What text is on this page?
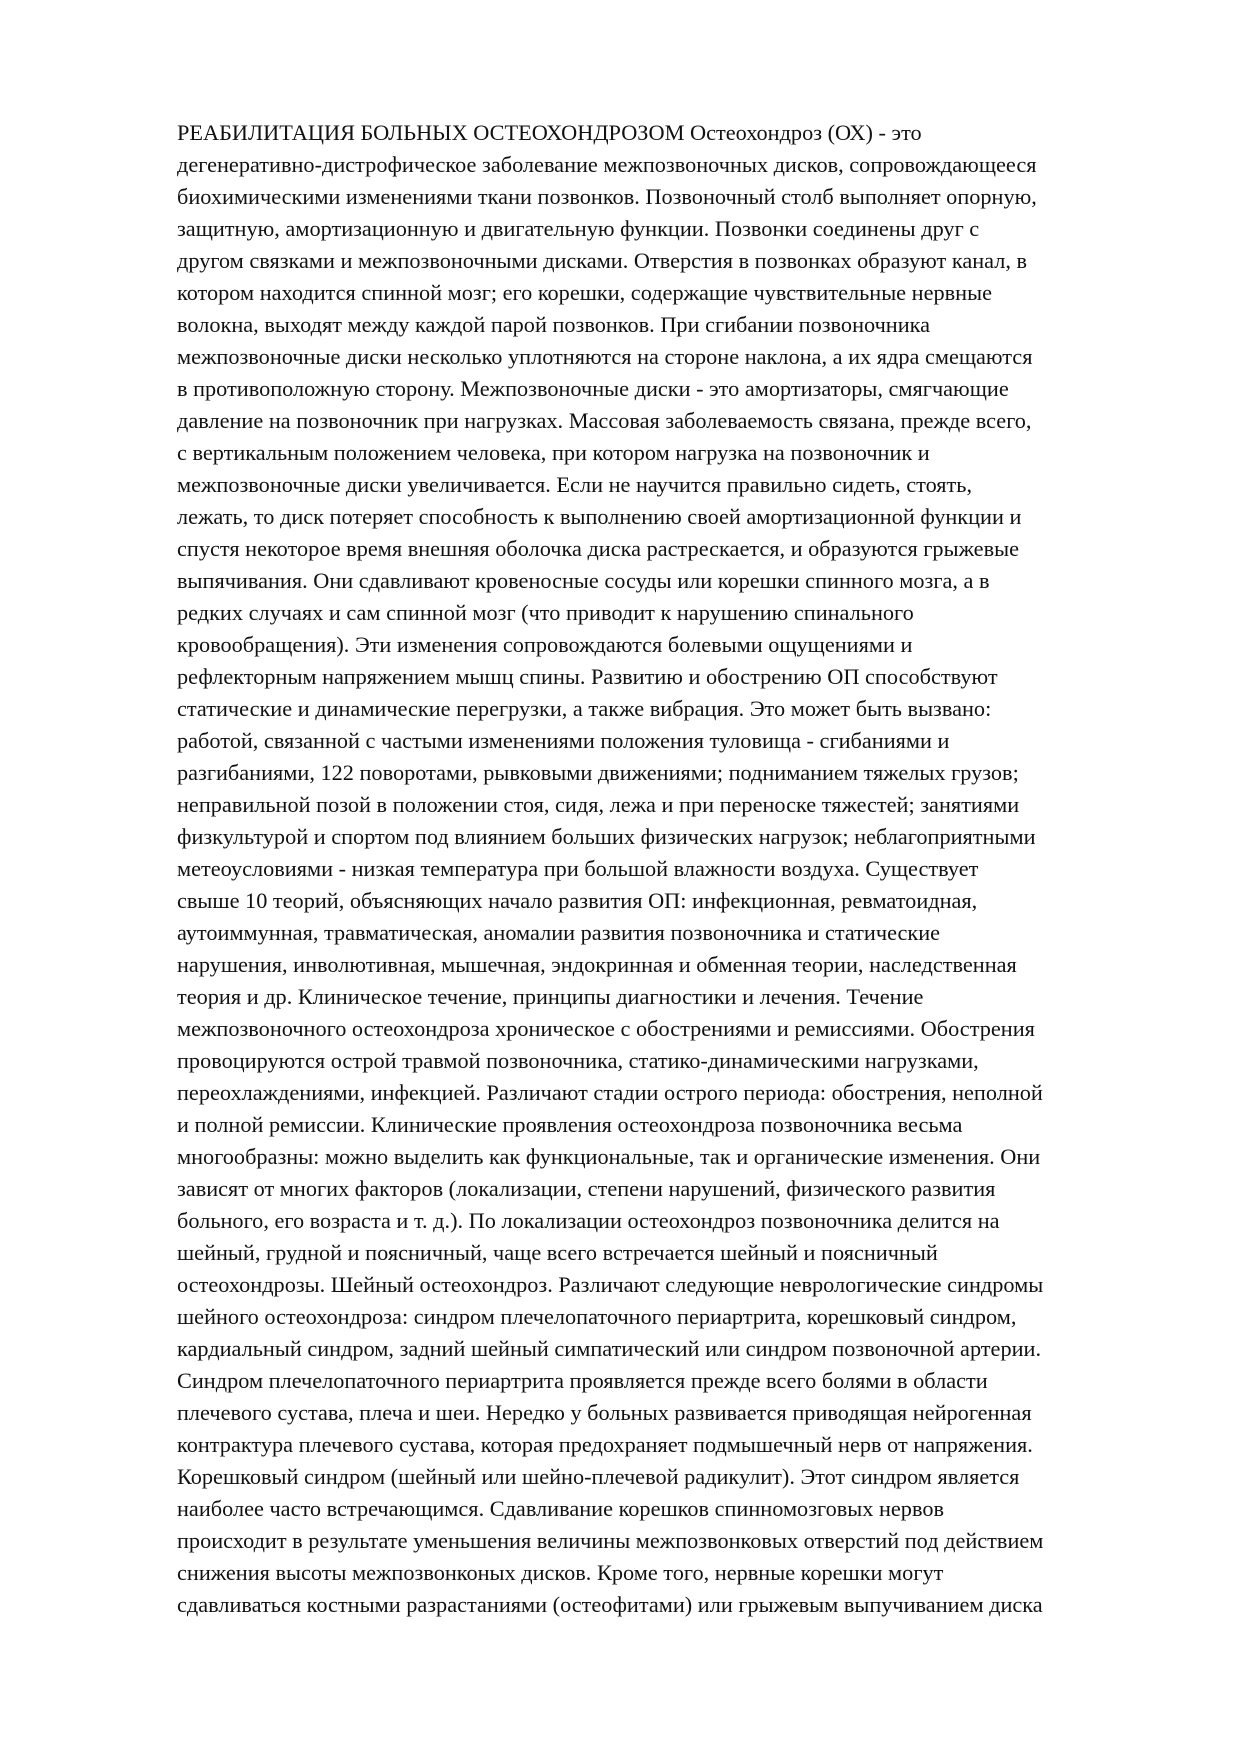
РЕАБИЛИТАЦИЯ БОЛЬНЫХ ОСТЕОХОНДРОЗОМ Остеохондроз (ОХ) - это
дегенеративно-дистрофическое заболевание межпозвоночных дисков, сопровождающееся
биохимическими изменениями ткани позвонков. Позвоночный столб выполняет опорную,
защитную, амортизационную и двигательную функции. Позвонки соединены друг с
другом связками и межпозвоночными дисками. Отверстия в позвонках образуют канал, в
котором находится спинной мозг; его корешки, содержащие чувствительные нервные
волокна, выходят между каждой парой позвонков. При сгибании позвоночника
межпозвоночные диски несколько уплотняются на стороне наклона, а их ядра смещаются
в противоположную сторону. Межпозвоночные диски - это амортизаторы, смягчающие
давление на позвоночник при нагрузках. Массовая заболеваемость связана, прежде всего,
с вертикальным положением человека, при котором нагрузка на позвоночник и
межпозвоночные диски увеличивается. Если не научится правильно сидеть, стоять,
лежать, то диск потеряет способность к выполнению своей амортизационной функции и
спустя некоторое время внешняя оболочка диска растрескается, и образуются грыжевые
выпячивания. Они сдавливают кровеносные сосуды или корешки спинного мозга, а в
редких случаях и сам спинной мозг (что приводит к нарушению спинального
кровообращения). Эти изменения сопровождаются болевыми ощущениями и
рефлекторным напряжением мышц спины. Развитию и обострению ОП способствуют
статические и динамические перегрузки, а также вибрация. Это может быть вызвано:
работой, связанной с частыми изменениями положения туловища - сгибаниями и
разгибаниями, 122 поворотами, рывковыми движениями; подниманием тяжелых грузов;
неправильной позой в положении стоя, сидя, лежа и при переноске тяжестей; занятиями
физкультурой и спортом под влиянием больших физических нагрузок; неблагоприятными
метеоусловиями - низкая температура при большой влажности воздуха. Существует
свыше 10 теорий, объясняющих начало развития ОП: инфекционная, ревматоидная,
аутоиммунная, травматическая, аномалии развития позвоночника и статические
нарушения, инволютивная, мышечная, эндокринная и обменная теории, наследственная
теория и др. Клиническое течение, принципы диагностики и лечения. Течение
межпозвоночного остеохондроза хроническое с обострениями и ремиссиями. Обострения
провоцируются острой травмой позвоночника, статико-динамическими нагрузками,
переохлаждениями, инфекцией. Различают стадии острого периода: обострения, неполной
и полной ремиссии. Клинические проявления остеохондроза позвоночника весьма
многообразны: можно выделить как функциональные, так и органические изменения. Они
зависят от многих факторов (локализации, степени нарушений, физического развития
больного, его возраста и т. д.). По локализации остеохондроз позвоночника делится на
шейный, грудной и поясничный, чаще всего встречается шейный и поясничный
остеохондрозы. Шейный остеохондроз. Различают следующие неврологические синдромы
шейного остеохондроза: синдром плечелопаточного периартрита, корешковый синдром,
кардиальный синдром, задний шейный симпатический или синдром позвоночной артерии.
Синдром плечелопаточного периартрита проявляется прежде всего болями в области
плечевого сустава, плеча и шеи. Нередко у больных развивается приводящая нейрогенная
контрактура плечевого сустава, которая предохраняет подмышечный нерв от напряжения.
Корешковый синдром (шейный или шейно-плечевой радикулит). Этот синдром является
наиболее часто встречающимся. Сдавливание корешков спинномозговых нервов
происходит в результате уменьшения величины межпозвонковых отверстий под действием
снижения высоты межпозвонконых дисков. Кроме того, нервные корешки могут
сдавливаться костными разрастаниями (остеофитами) или грыжевым выпучиванием диска
